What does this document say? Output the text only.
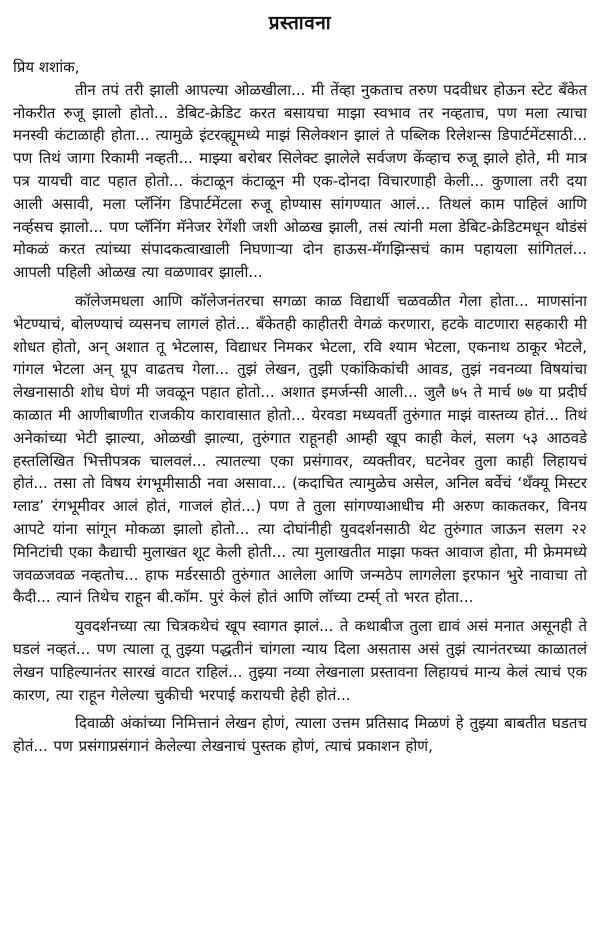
प्रस्तावना

प्रिय शशांक,

तीन तपं तरी झाली आपल्या ओळखीला... मी तेंव्हा नुकताच तरुण पदवीधर होऊन स्टेट बँकेत नोकरीत रुजू झालो होतो... डेबिट-क्रेडिट करत बसायचा माझा स्वभाव तर नव्हताच, पण मला त्याचा मनस्वी कंटाळाही होता... त्यामुळे इंटरव्ह्यूमध्ये माझं सिलेक्शन झालं ते पब्लिक रिलेशन्स डिपार्टमेंटसाठी... पण तिथं जागा रिकामी नव्हती... माझ्या बरोबर सिलेक्ट झालेले सर्वजण केंव्हाच रुजू झाले होते, मी मात्र पत्र यायची वाट पहात होतो... कंटाळून कंटाळून मी एक-दोनदा विचारणाही केली... कुणाला तरी दया आली असावी, मला प्लॅनिंग डिपार्टमेंटला रुजू होण्यास सांगण्यात आलं... तिथलं काम पाहिलं आणि नर्व्हसच झालो... पण प्लॅनिंग मॅनेजर रेगेंशी जशी ओळख झाली, तसं त्यांनी मला डेबिट-क्रेडिटमधून थोडंसं मोकळं करत त्यांच्या संपादकत्वाखाली निघणाऱ्या दोन हाऊस-मॅगझिन्सचं काम पहायला सांगितलं... आपली पहिली ओळख त्या वळणावर झाली...

कॉलेजमधला आणि कॉलेजनंतरचा सगळा काळ विद्यार्थी चळवळीत गेला होता... माणसांना भेटण्याचं, बोलण्याचं व्यसनच लागलं होतं... बँकेतही काहीतरी वेगळं करणारा, हटके वाटणारा सहकारी मी शोधत होतो, अन् अशात तू भेटलास, विद्याधर निमकर भेटला, रवि श्याम भेटला, एकनाथ ठाकूर भेटले, गांगल भेटला अन् ग्रूप वाढतच गेला... तुझं लेखन, तुझी एकांकिकांची आवड, तुझं नवनव्या विषयांचा लेखनासाठी शोध घेणं मी जवळून पहात होतो... अशात इमर्जन्सी आली... जुलै ७५ ते मार्च ७७ या प्रदीर्घ काळात मी आणीबाणीत राजकीय कारावासात होतो... येरवडा मध्यवर्ती तुरुंगात माझं वास्तव्य होतं... तिथं अनेकांच्या भेटी झाल्या, ओळखी झाल्या, तुरुंगात राहूनही आम्ही खूप काही केलं, सलग ५३ आठवडे हस्तलिखित भित्तीपत्रक चालवलं... त्यातल्या एका प्रसंगावर, व्यक्तीवर, घटनेवर तुला काही लिहायचं होतं... तसा तो विषय रंगभूमीसाठी नवा असावा... (कदाचित त्यामुळेच असेल, अनिल बर्वेचं ‘थँक्यू मिस्टर ग्लाड’ रंगभूमीवर आलं होतं, गाजलं होतं...) पण ते तुला सांगण्याआधीच मी अरुण काकतकर, विनय आपटे यांना सांगून मोकळा झालो होतो... त्या दोघांनीही युवदर्शनसाठी थेट तुरुंगात जाऊन सलग २२ मिनिटांची एका कैद्याची मुलाखत शूट केली होती... त्या मुलाखतीत माझा फक्त आवाज होता, मी फ्रेममध्ये जवळजवळ नव्हतोच... हाफ मर्डरसाठी तुरुंगात आलेला आणि जन्मठेप लागलेला इरफान भुरे नावाचा तो कैदी... त्यानं तिथेच राहून बी.कॉम. पुरं केलं होतं आणि लॉच्या टर्म्स् तो भरत होता...

युवदर्शनच्या त्या चित्रकथेचं खूप स्वागत झालं... ते कथाबीज तुला द्यावं असं मनात असूनही ते घडलं नव्हतं... पण त्याला तू तुझ्या पद्धतीनं चांगला न्याय दिला असतास असं तुझं त्यानंतरच्या काळातलं लेखन पाहिल्यानंतर सारखं वाटत राहिलं... तुझ्या नव्या लेखनाला प्रस्तावना लिहायचं मान्य केलं त्याचं एक कारण, त्या राहून गेलेल्या चुकीची भरपाई करायची हेही होतं...

दिवाळी अंकांच्या निमित्तानं लेखन होणं, त्याला उत्तम प्रतिसाद मिळणं हे तुझ्या बाबतीत घडतच होतं... पण प्रसंगाप्रसंगानं केलेल्या लेखनाचं पुस्तक होणं, त्याचं प्रकाशन होणं,
